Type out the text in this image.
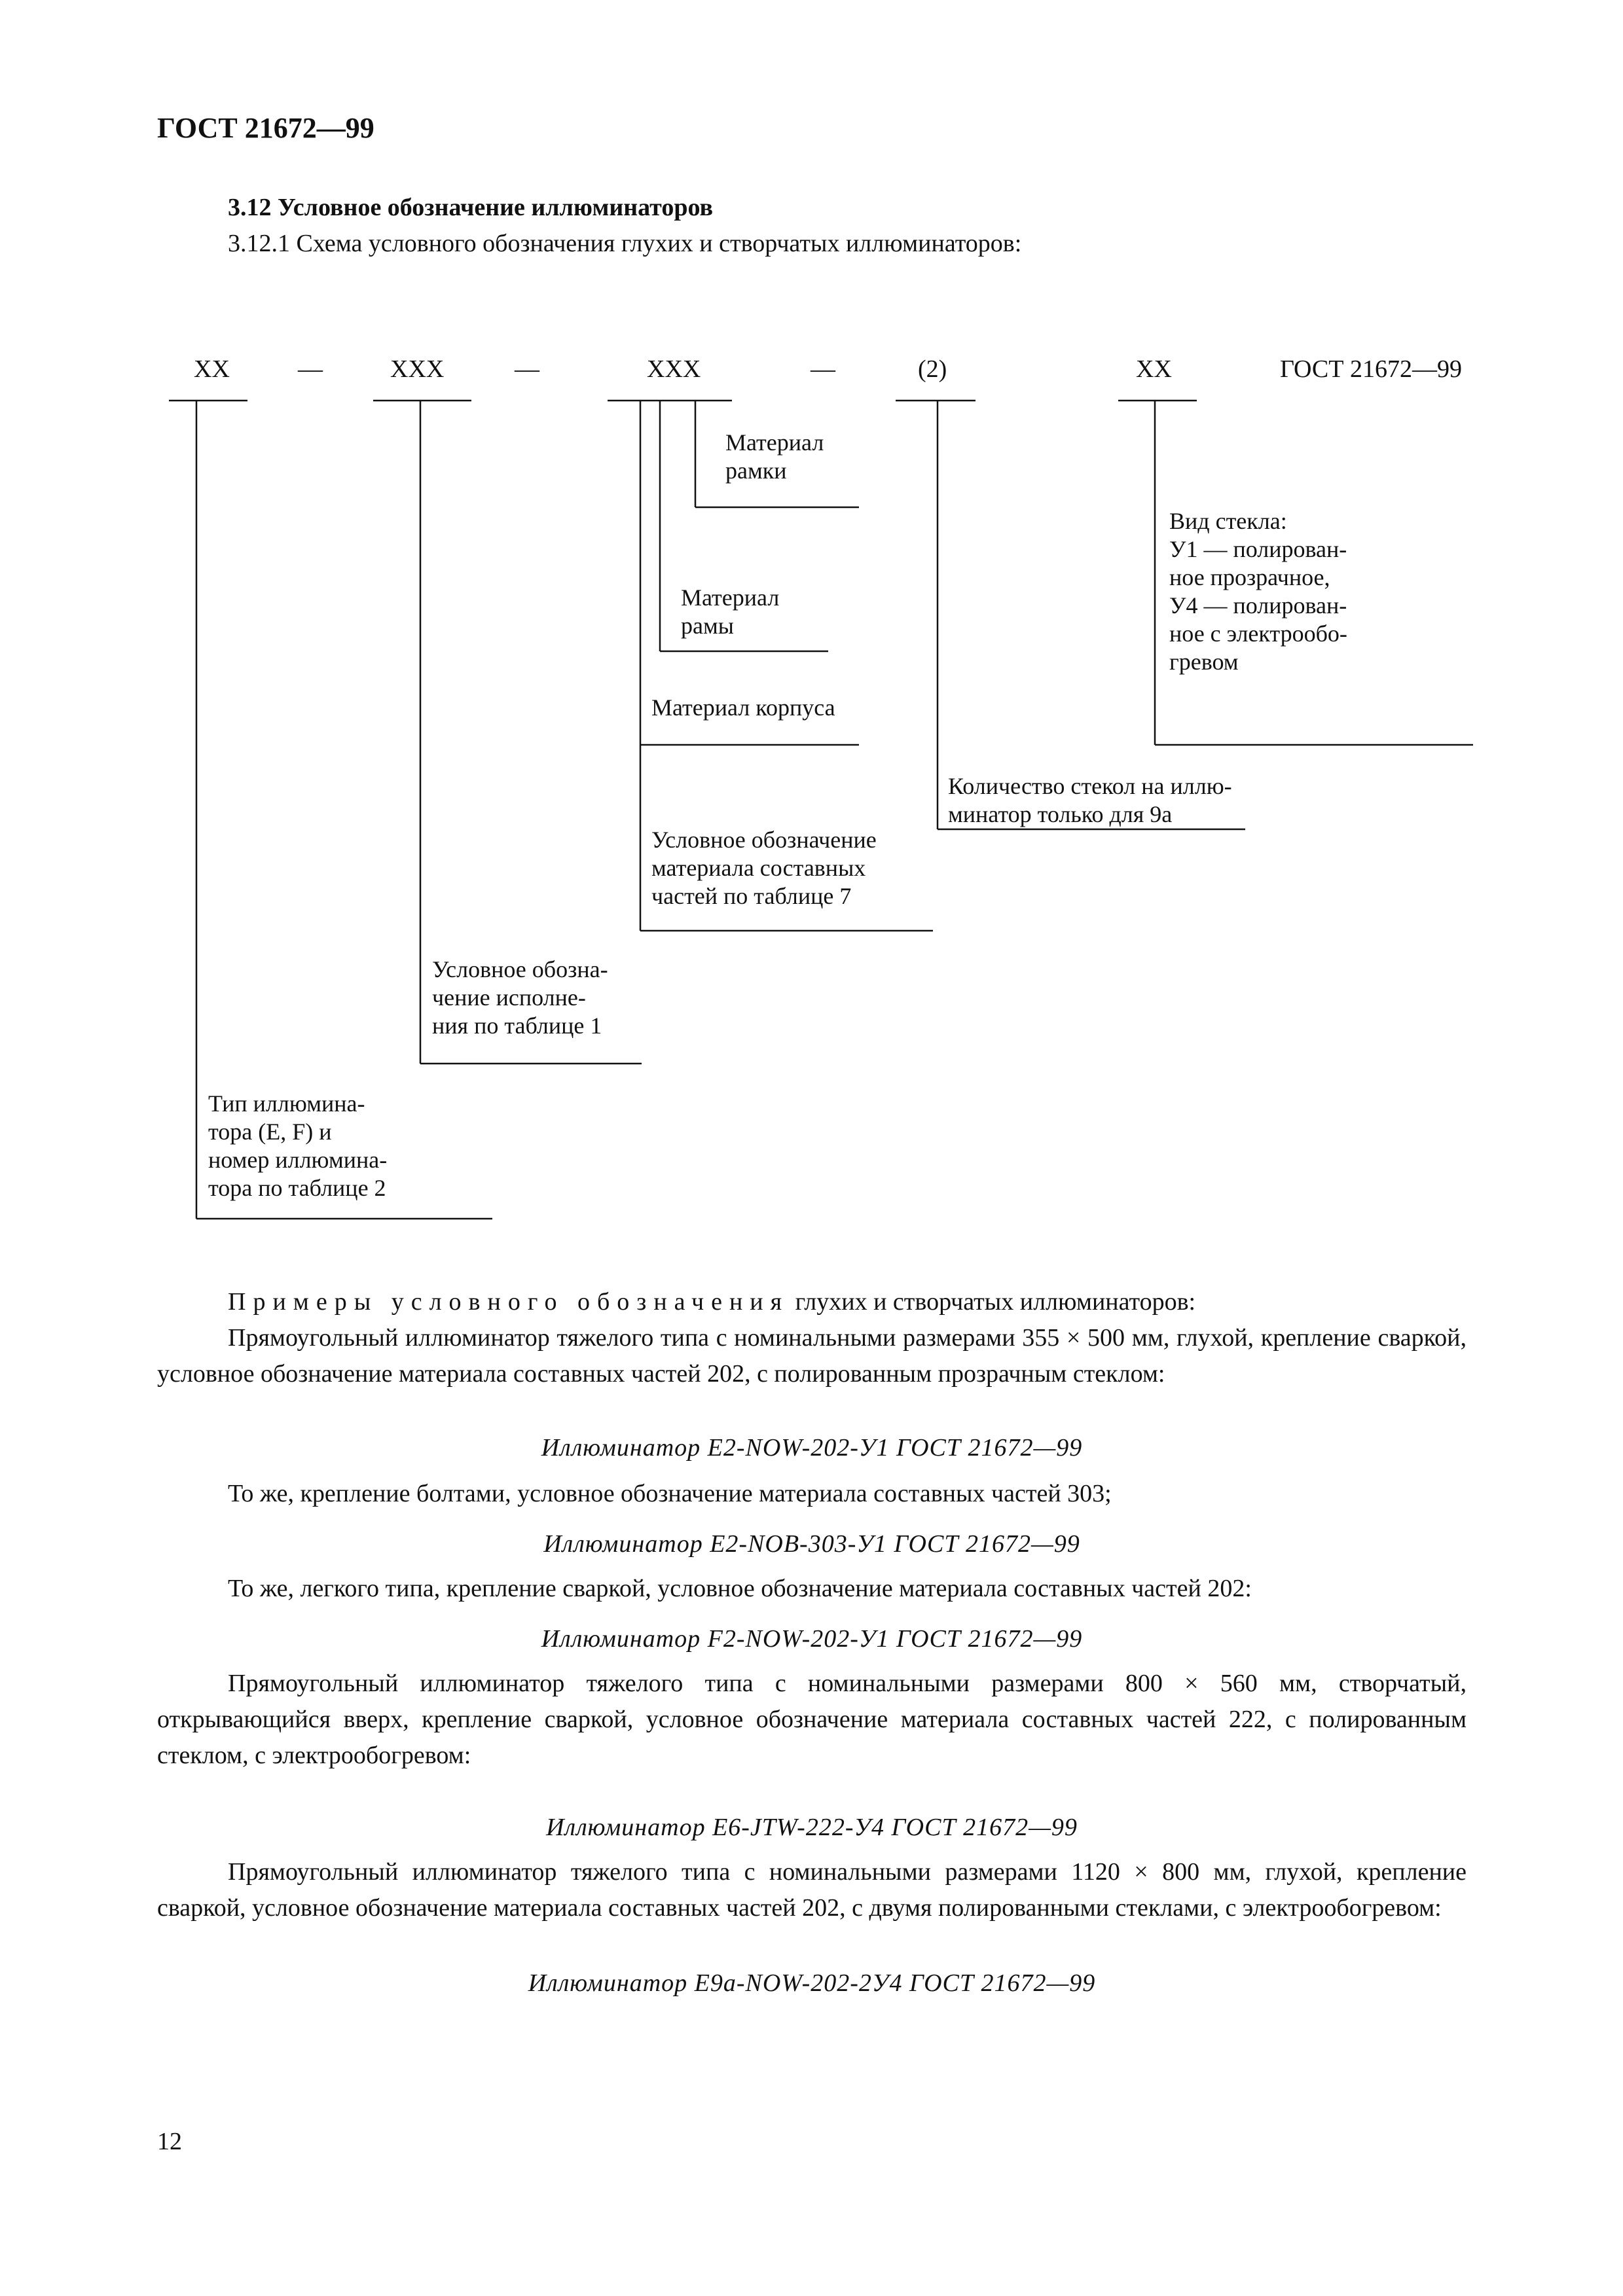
ГОСТ 21672—99
3.12 Условное обозначение иллюминаторов
3.12.1 Схема условного обозначения глухих и створчатых иллюминаторов:
XX	—	XXX	—	XXX	—	(2)	XX	ГОСТ 21672—99
Материал
рамки
Материал
рамы
Материал корпуса
Условное обозначение
материала составных
частей по таблице 7
Количество стекол на иллю-
минатор только для 9а
Вид стекла:
У1 — полирован-
ное прозрачное,
У4 — полирован-
ное с электрообо-
гревом
Условное обозна-
чение исполне-
ния по таблице 1
Тип иллюмина-
тора (Е, F) и
номер иллюмина-
тора по таблице 2
Примеры условного обозначения глухих и створчатых иллюминаторов:
Прямоугольный иллюминатор тяжелого типа с номинальными размерами 355 × 500 мм, глухой, крепление сваркой, условное обозначение материала составных частей 202, с полированным прозрачным стеклом:
Иллюминатор E2-NOW-202-У1 ГОСТ 21672—99
То же, крепление болтами, условное обозначение материала составных частей 303;
Иллюминатор E2-NOB-303-У1 ГОСТ 21672—99
То же, легкого типа, крепление сваркой, условное обозначение материала составных частей 202:
Иллюминатор F2-NOW-202-У1 ГОСТ 21672—99
Прямоугольный иллюминатор тяжелого типа с номинальными размерами 800 × 560 мм, створчатый, открывающийся вверх, крепление сваркой, условное обозначение материала составных частей 222, с полированным стеклом, с электрообогревом:
Иллюминатор E6-JTW-222-У4 ГОСТ 21672—99
Прямоугольный иллюминатор тяжелого типа с номинальными размерами 1120 × 800 мм, глухой, крепление сваркой, условное обозначение материала составных частей 202, с двумя полированными стеклами, с электрообогревом:
Иллюминатор E9a-NOW-202-2У4 ГОСТ 21672—99
12
